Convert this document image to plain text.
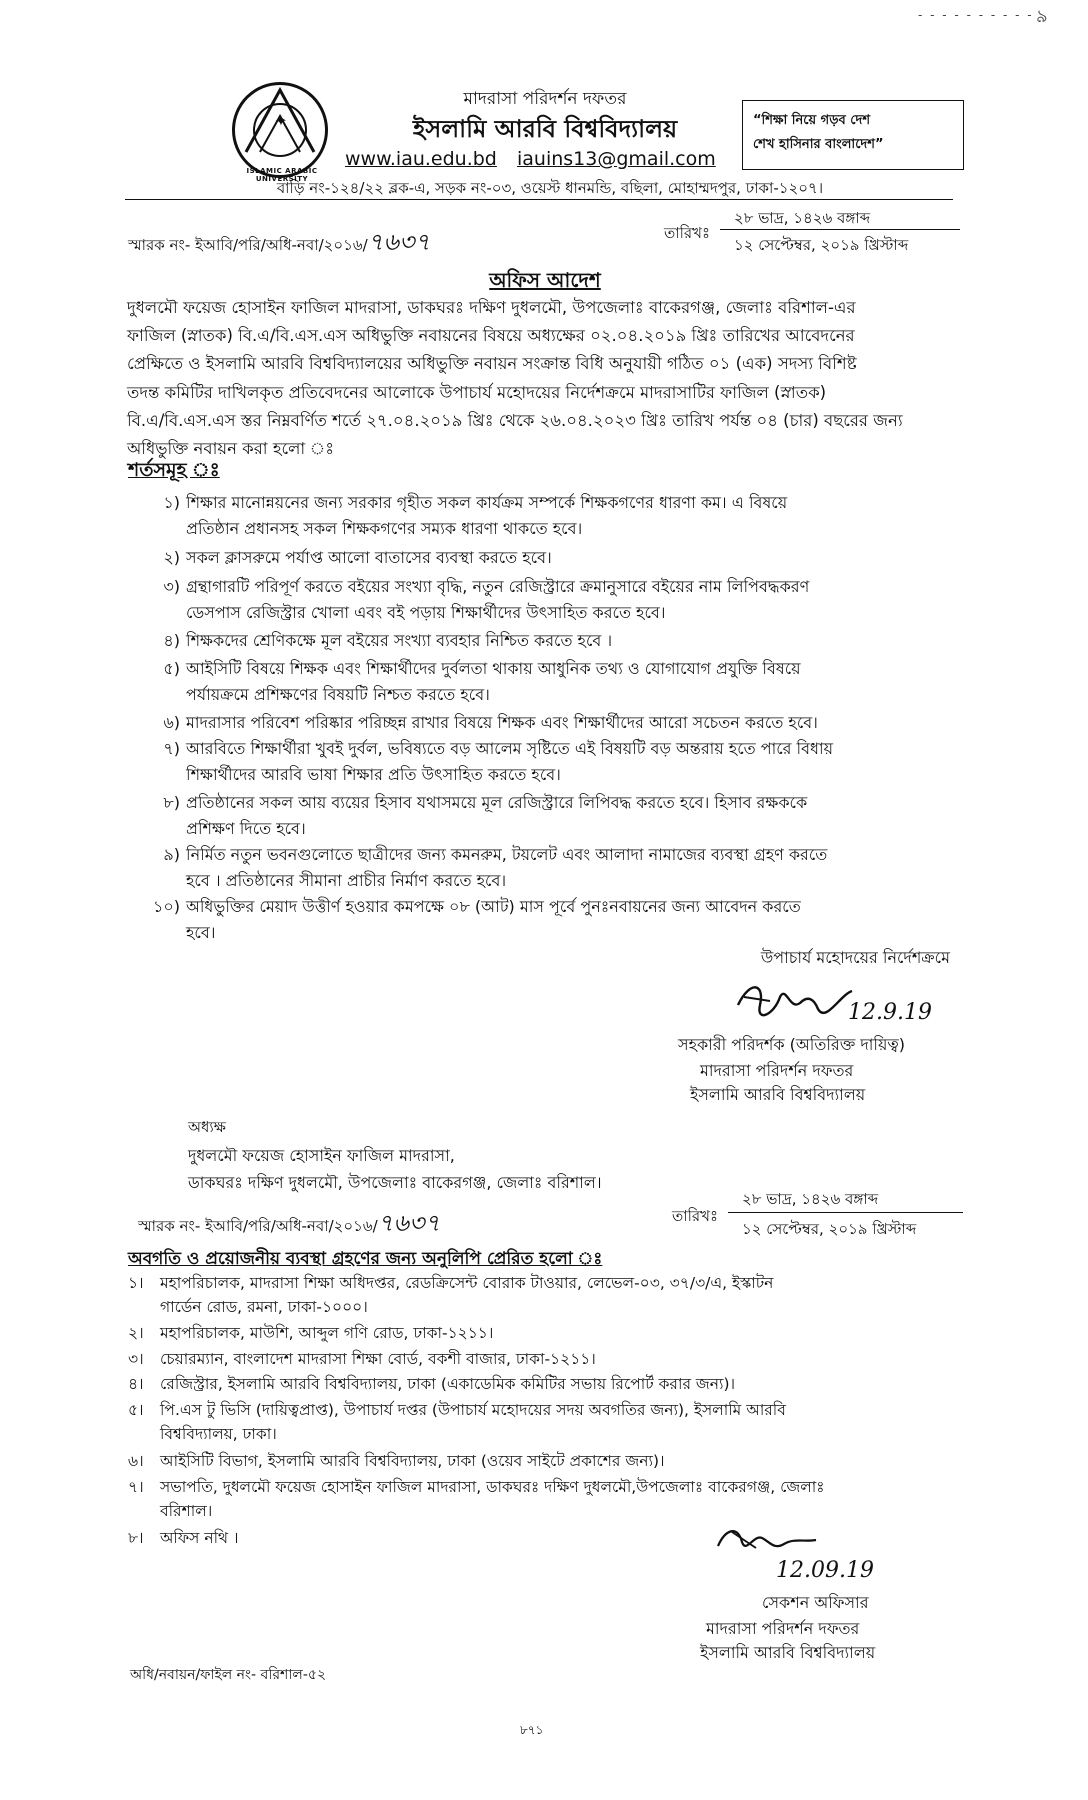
- - - - - - - - - - ৯
✦
ISLAMIC ARABIC UNIVERSITY
মাদরাসা পরিদর্শন দফতর
ইসলামি আরবি বিশ্ববিদ্যালয়
www.iau.edu.bd iauins13@gmail.com
“শিক্ষা নিয়ে গড়ব দেশ
শেখ হাসিনার বাংলাদেশ”
বাড়ি নং-১২৪/২২ ব্লক-এ, সড়ক নং-০৩, ওয়েস্ট ধানমন্ডি, বছিলা, মোহাম্মদপুর, ঢাকা-১২০৭।
স্মারক নং- ইআবি/পরি/অধি-নবা/২০১৬/৭৬৩৭	তারিখঃ
২৮ ভাদ্র, ১৪২৬ বঙ্গাব্দ
১২ সেপ্টেম্বর, ২০১৯ খ্রিস্টাব্দ
অফিস আদেশ
দুধলমৌ ফয়েজ হোসাইন ফাজিল মাদরাসা, ডাকঘরঃ দক্ষিণ দুধলমৌ, উপজেলাঃ বাকেরগঞ্জ, জেলাঃ বরিশাল-এর
ফাজিল (স্নাতক) বি.এ/বি.এস.এস অধিভুক্তি নবায়নের বিষয়ে অধ্যক্ষের ০২.০৪.২০১৯ খ্রিঃ তারিখের আবেদনের
প্রেক্ষিতে ও ইসলামি আরবি বিশ্ববিদ্যালয়ের অধিভুক্তি নবায়ন সংক্রান্ত বিধি অনুযায়ী গঠিত ০১ (এক) সদস্য বিশিষ্ট
তদন্ত কমিটির দাখিলকৃত প্রতিবেদনের আলোকে উপাচার্য মহোদয়ের নির্দেশক্রমে মাদরাসাটির ফাজিল (স্নাতক)
বি.এ/বি.এস.এস স্তর নিম্নবর্ণিত শর্তে ২৭.০৪.২০১৯ খ্রিঃ থেকে ২৬.০৪.২০২৩ খ্রিঃ তারিখ পর্যন্ত ০৪ (চার) বছরের জন্য
অধিভুক্তি নবায়ন করা হলো ঃ
শর্তসমূহ ঃ
১) শিক্ষার মানোন্নয়নের জন্য সরকার গৃহীত সকল কার্যক্রম সম্পর্কে শিক্ষকগণের ধারণা কম। এ বিষয়ে
প্রতিষ্ঠান প্রধানসহ সকল শিক্ষকগণের সম্যক ধারণা থাকতে হবে।
২) সকল ক্লাসরুমে পর্যাপ্ত আলো বাতাসের ব্যবস্থা করতে হবে।
৩) গ্রন্থাগারটি পরিপূর্ণ করতে বইয়ের সংখ্যা বৃদ্ধি, নতুন রেজিস্ট্রারে ক্রমানুসারে বইয়ের নাম লিপিবদ্ধকরণ
ডেসপাস রেজিস্ট্রার খোলা এবং বই পড়ায় শিক্ষার্থীদের উৎসাহিত করতে হবে।
৪) শিক্ষকদের শ্রেণিকক্ষে মূল বইয়ের সংখ্যা ব্যবহার নিশ্চিত করতে হবে ।
৫) আইসিটি বিষয়ে শিক্ষক এবং শিক্ষার্থীদের দুর্বলতা থাকায় আধুনিক তথ্য ও যোগাযোগ প্রযুক্তি বিষয়ে
পর্যায়ক্রমে প্রশিক্ষণের বিষয়টি নিশ্চত করতে হবে।
৬) মাদরাসার পরিবেশ পরিষ্কার পরিচ্ছন্ন রাখার বিষয়ে শিক্ষক এবং শিক্ষার্থীদের আরো সচেতন করতে হবে।
৭) আরবিতে শিক্ষার্থীরা খুবই দুর্বল, ভবিষ্যতে বড় আলেম সৃষ্টিতে এই বিষয়টি বড় অন্তরায় হতে পারে বিধায়
শিক্ষার্থীদের আরবি ভাষা শিক্ষার প্রতি উৎসাহিত করতে হবে।
৮) প্রতিষ্ঠানের সকল আয় ব্যয়ের হিসাব যথাসময়ে মূল রেজিস্ট্রারে লিপিবদ্ধ করতে হবে। হিসাব রক্ষককে
প্রশিক্ষণ দিতে হবে।
৯) নির্মিত নতুন ভবনগুলোতে ছাত্রীদের জন্য কমনরুম, টয়লেট এবং আলাদা নামাজের ব্যবস্থা গ্রহণ করতে
হবে । প্রতিষ্ঠানের সীমানা প্রাচীর নির্মাণ করতে হবে।
১০) অধিভুক্তির মেয়াদ উত্তীর্ণ হওয়ার কমপক্ষে ০৮ (আট) মাস পূর্বে পুনঃনবায়নের জন্য আবেদন করতে
হবে।
উপাচার্য মহোদয়ের নির্দেশক্রমে
12.9.19
সহকারী পরিদর্শক (অতিরিক্ত দায়িত্ব)
মাদরাসা পরিদর্শন দফতর
ইসলামি আরবি বিশ্ববিদ্যালয়
অধ্যক্ষ
দুধলমৌ ফয়েজ হোসাইন ফাজিল মাদরাসা,
ডাকঘরঃ দক্ষিণ দুধলমৌ, উপজেলাঃ বাকেরগঞ্জ, জেলাঃ বরিশাল।
স্মারক নং- ইআবি/পরি/অধি-নবা/২০১৬/৭৬৩৭	তারিখঃ
২৮ ভাদ্র, ১৪২৬ বঙ্গাব্দ
১২ সেপ্টেম্বর, ২০১৯ খ্রিস্টাব্দ
অবগতি ও প্রয়োজনীয় ব্যবস্থা গ্রহণের জন্য অনুলিপি প্রেরিত হলো ঃ
১।	মহাপরিচালক, মাদরাসা শিক্ষা অধিদপ্তর, রেডক্রিসেন্ট বোরাক টাওয়ার, লেভেল-০৩, ৩৭/৩/এ, ইস্কাটন
গার্ডেন রোড, রমনা, ঢাকা-১০০০।
২।	মহাপরিচালক, মাউশি, আব্দুল গণি রোড, ঢাকা-১২১১।
৩।	চেয়ারম্যান, বাংলাদেশ মাদরাসা শিক্ষা বোর্ড, বকশী বাজার, ঢাকা-১২১১।
৪।	রেজিস্ট্রার, ইসলামি আরবি বিশ্ববিদ্যালয়, ঢাকা (একাডেমিক কমিটির সভায় রিপোর্ট করার জন্য)।
৫।	পি.এস টু ভিসি (দায়িত্বপ্রাপ্ত), উপাচার্য দপ্তর (উপাচার্য মহোদয়ের সদয় অবগতির জন্য), ইসলামি আরবি
বিশ্ববিদ্যালয়, ঢাকা।
৬।	আইসিটি বিভাগ, ইসলামি আরবি বিশ্ববিদ্যালয়, ঢাকা (ওয়েব সাইটে প্রকাশের জন্য)।
৭।	সভাপতি, দুধলমৌ ফয়েজ হোসাইন ফাজিল মাদরাসা, ডাকঘরঃ দক্ষিণ দুধলমৌ,উপজেলাঃ বাকেরগঞ্জ, জেলাঃ
বরিশাল।
৮।	অফিস নথি ।
12.09.19
সেকশন অফিসার
মাদরাসা পরিদর্শন দফতর
ইসলামি আরবি বিশ্ববিদ্যালয়
অধি/নবায়ন/ফাইল নং- বরিশাল-৫২
৮৭১
